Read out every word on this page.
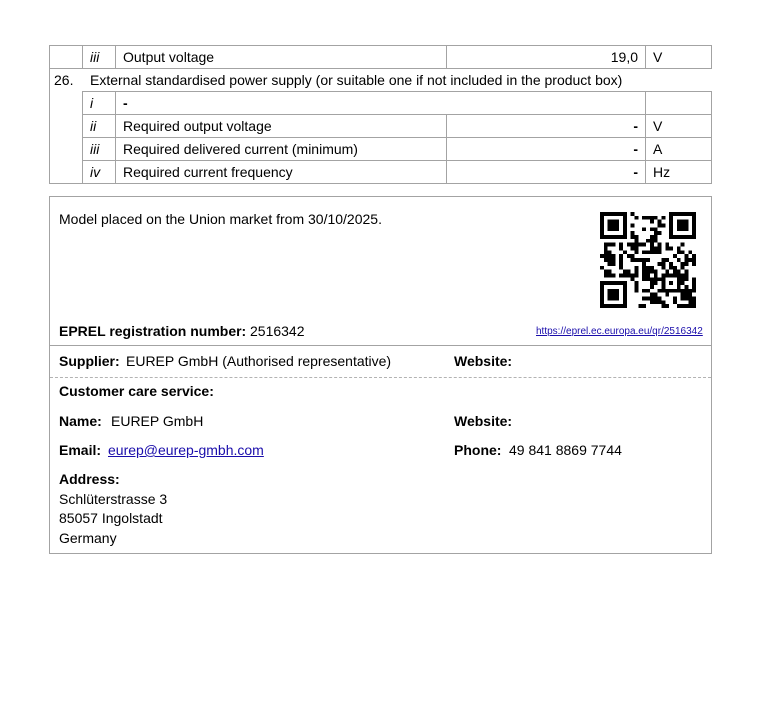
iii Output voltage	19,0 V
26. External standardised power supply (or suitable one if not included in the product box)
i -
ii Required output voltage	- V
iii Required delivered current (minimum)	- A
iv Required current frequency	- Hz
Model placed on the Union market from 30/10/2025.
EPREL registration number: 2516342	https://eprel.ec.europa.eu/qr/2516342
Supplier: EUREP GmbH (Authorised representative)	Website:
Customer care service:
Name: EUREP GmbH	Website:
Email: eurep@eurep-gmbh.com	Phone: 49 841 8869 7744
Address:
Schlüterstrasse 3
85057 Ingolstadt
Germany
